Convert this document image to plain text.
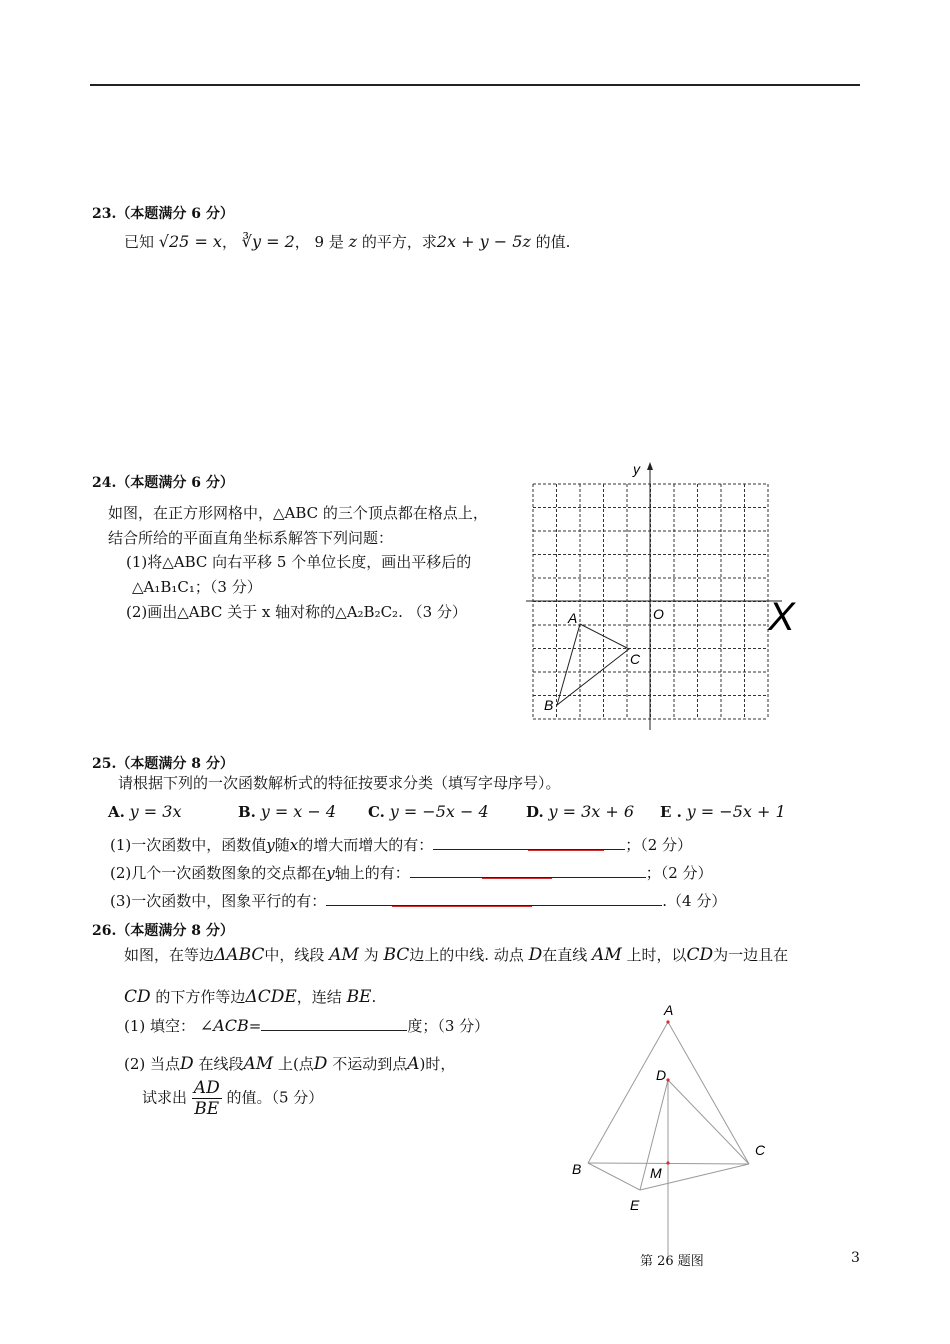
23.（本题满分 6 分）
已知 √25 = x， ∛y = 2， 9 是 z 的平方，求2x + y − 5z 的值.
24.（本题满分 6 分）
如图，在正方形网格中，△ABC 的三个顶点都在格点上，
结合所给的平面直角坐标系解答下列问题：
(1)将△ABC 向右平移 5 个单位长度，画出平移后的
△A₁B₁C₁；（3 分）
(2)画出△ABC 关于 x 轴对称的△A₂B₂C₂. （3 分）
y
X
O
A
B
C
25.（本题满分 8 分）
请根据下列的一次函数解析式的特征按要求分类（填写字母序号）。
A. y = 3x	B. y = x − 4 C. y = −5x − 4 D. y = 3x + 6 E . y = −5x + 1
(1)一次函数中，函数值y随x的增大而增大的有：	；（2 分）
(2)几个一次函数图象的交点都在y轴上的有：	；（2 分）
(3)一次函数中，图象平行的有：	.（4 分）
26.（本题满分 8 分）
如图，在等边ΔABC中，线段 AM 为 BC边上的中线. 动点 D在直线 AM 上时，以CD为一边且在
CD 的下方作等边ΔCDE，连结 BE.
(1) 填空： ∠ACB=	度；（3 分）
(2) 当点D 在线段AM 上(点D 不运动到点A)时，
试求出 $\frac{AD}{BE}$ 的值。（5 分）
A
D
B
C
M
E
第 26 题图	3
